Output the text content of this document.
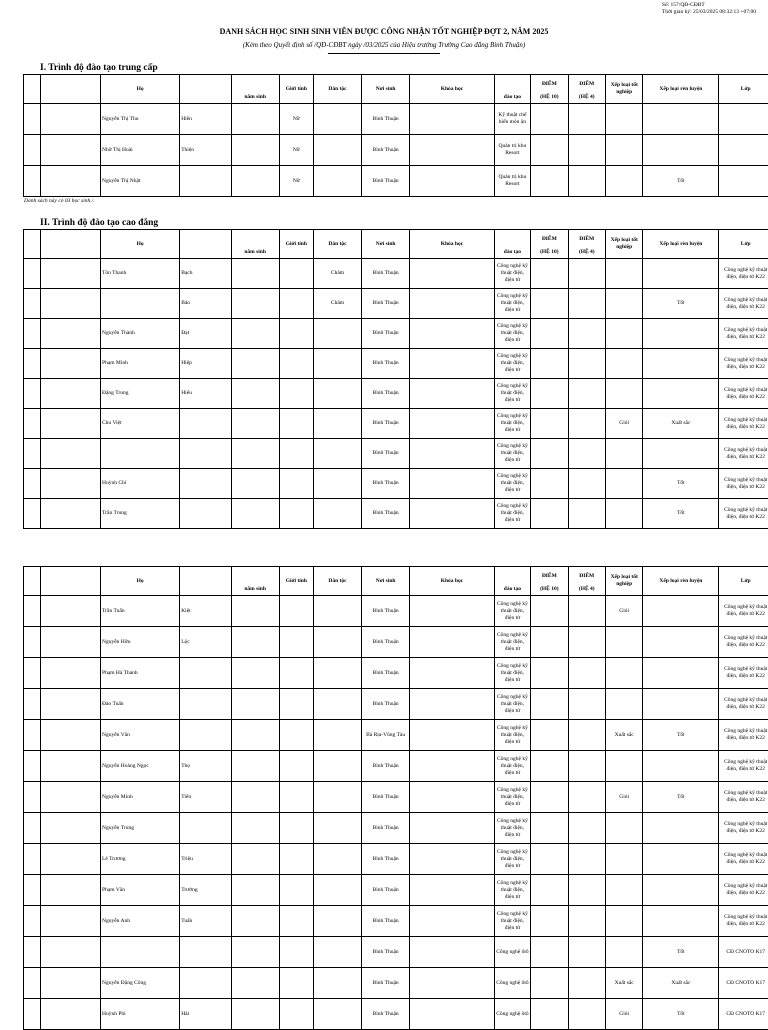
Số: 157/QĐ-CĐBT
Thời gian ký: 25/03/2025 08:32:13 +07:00
DANH SÁCH HỌC SINH SINH VIÊN ĐƯỢC CÔNG NHẬN TỐT NGHIỆP ĐỢT 2, NĂM 2025
(Kèm theo Quyết định số /QĐ-CĐBT ngày /03/2025 của Hiệu trưởng Trường Cao đẳng Bình Thuận)
I. Trình độ đào tạo trung cấp
		Họ		năm sinh	Giới tính	Dân tộc	Nơi sinh	Khóa học	đào tạo	ĐIỂM
(HỆ 10)	ĐIỂM
(HỆ 4)	Xếp loại tốt nghiệp	Xếp loại rèn luyện	Lớp
		Nguyễn Thị Thu	Hiền		Nữ		Bình Thuận		Kỹ thuật chế biến món ăn					
		Nhữ Thị Hoài	Thiện		Nữ		Bình Thuận		Quản trị khu Resort					
		Nguyễn Thị Nhật			Nữ		Bình Thuận		Quản trị khu Resort				Tốt	
Danh sách này có 03 học sinh./.
II. Trình độ đào tạo cao đẳng
		Họ		năm sinh	Giới tính	Dân tộc	Nơi sinh	Khóa học	đào tạo	ĐIỂM
(HỆ 10)	ĐIỂM
(HỆ 4)	Xếp loại tốt nghiệp	Xếp loại rèn luyện	Lớp
		Tôn Thanh	Bạch			Chăm	Bình Thuận		Công nghệ kỹ thuật điện, điện tử					Công nghệ kỹ thuật điện, điện tử K22
			Bảo			Chăm	Bình Thuận		Công nghệ kỹ thuật điện, điện tử				Tốt	Công nghệ kỹ thuật điện, điện tử K22
		Nguyễn Thành	Đạt				Bình Thuận		Công nghệ kỹ thuật điện, điện tử					Công nghệ kỹ thuật điện, điện tử K22
		Phạm Minh	Hiệp				Bình Thuận		Công nghệ kỹ thuật điện, điện tử					Công nghệ kỹ thuật điện, điện tử K22
		Đặng Trung	Hiếu				Bình Thuận		Công nghệ kỹ thuật điện, điện tử					Công nghệ kỹ thuật điện, điện tử K22
		Chu Việt					Bình Thuận		Công nghệ kỹ thuật điện, điện tử			Giỏi	Xuất sắc	Công nghệ kỹ thuật điện, điện tử K22
							Bình Thuận		Công nghệ kỹ thuật điện, điện tử					Công nghệ kỹ thuật điện, điện tử K22
		Huỳnh Chí					Bình Thuận		Công nghệ kỹ thuật điện, điện tử				Tốt	Công nghệ kỹ thuật điện, điện tử K22
		Trần Trung					Bình Thuận		Công nghệ kỹ thuật điện, điện tử				Tốt	Công nghệ kỹ thuật điện, điện tử K22
		Họ		năm sinh	Giới tính	Dân tộc	Nơi sinh	Khóa học	đào tạo	ĐIỂM
(HỆ 10)	ĐIỂM
(HỆ 4)	Xếp loại tốt nghiệp	Xếp loại rèn luyện	Lớp
		Trần Tuấn	Kiệt				Bình Thuận		Công nghệ kỹ thuật điện, điện tử			Giỏi		Công nghệ kỹ thuật điện, điện tử K22
		Nguyễn Hữu	Lộc				Bình Thuận		Công nghệ kỹ thuật điện, điện tử					Công nghệ kỹ thuật điện, điện tử K22
		Phạm Hà Thanh					Bình Thuận		Công nghệ kỹ thuật điện, điện tử					Công nghệ kỹ thuật điện, điện tử K22
		Đào Tuấn					Bình Thuận		Công nghệ kỹ thuật điện, điện tử					Công nghệ kỹ thuật điện, điện tử K22
		Nguyễn Văn					Bà Rịa-Vũng Tàu		Công nghệ kỹ thuật điện, điện tử			Xuất sắc	Tốt	Công nghệ kỹ thuật điện, điện tử K22
		Nguyễn Hoàng Ngọc	Thọ				Bình Thuận		Công nghệ kỹ thuật điện, điện tử					Công nghệ kỹ thuật điện, điện tử K22
		Nguyễn Minh	Tiến				Bình Thuận		Công nghệ kỹ thuật điện, điện tử			Giỏi	Tốt	Công nghệ kỹ thuật điện, điện tử K22
		Nguyễn Trung					Bình Thuận		Công nghệ kỹ thuật điện, điện tử					Công nghệ kỹ thuật điện, điện tử K22
		Lê Trương	Triệu				Bình Thuận		Công nghệ kỹ thuật điện, điện tử					Công nghệ kỹ thuật điện, điện tử K22
		Phạm Văn	Trường				Bình Thuận		Công nghệ kỹ thuật điện, điện tử					Công nghệ kỹ thuật điện, điện tử K22
		Nguyễn Anh	Tuấn				Bình Thuận		Công nghệ kỹ thuật điện, điện tử					Công nghệ kỹ thuật điện, điện tử K22
							Bình Thuận		Công nghệ ôtô				Tốt	CĐ CNOTO K17
		Nguyễn Đặng Công					Bình Thuận		Công nghệ ôtô			Xuất sắc	Xuất sắc	CĐ CNOTO K17
		Huỳnh Phi	Hải				Bình Thuận		Công nghệ ôtô			Giỏi	Tốt	CĐ CNOTO K17
